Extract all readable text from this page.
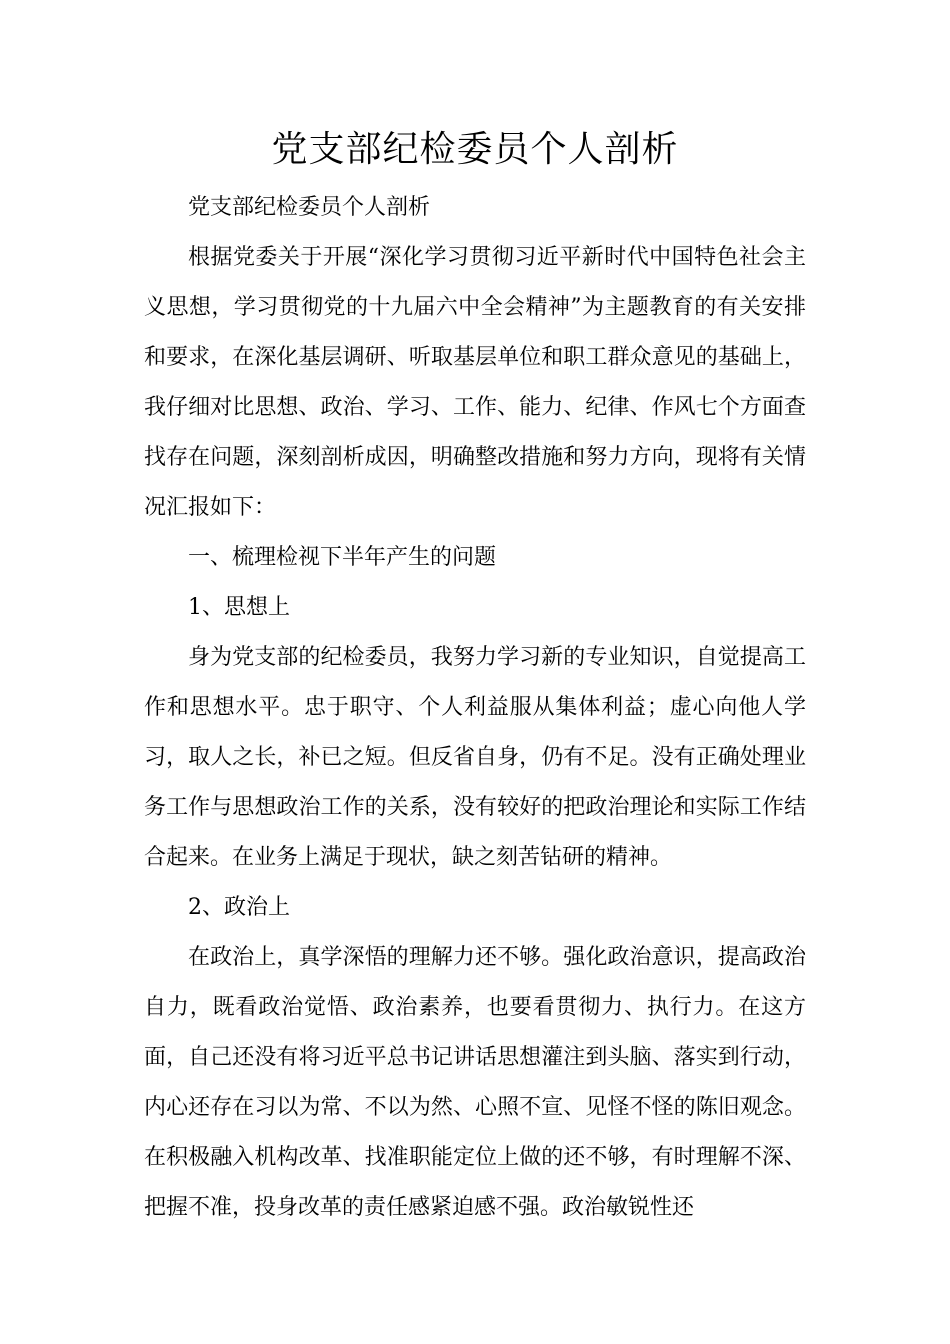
党支部纪检委员个人剖析

党支部纪检委员个人剖析

根据党委关于开展“深化学习贯彻习近平新时代中国特色社会主义思想，学习贯彻党的十九届六中全会精神”为主题教育的有关安排和要求，在深化基层调研、听取基层单位和职工群众意见的基础上，我仔细对比思想、政治、学习、工作、能力、纪律、作风七个方面查找存在问题，深刻剖析成因，明确整改措施和努力方向，现将有关情况汇报如下：

一、梳理检视下半年产生的问题

1、思想上

身为党支部的纪检委员，我努力学习新的专业知识，自觉提高工作和思想水平。忠于职守、个人利益服从集体利益；虚心向他人学习，取人之长，补已之短。但反省自身，仍有不足。没有正确处理业务工作与思想政治工作的关系，没有较好的把政治理论和实际工作结合起来。在业务上满足于现状，缺之刻苦钻研的精神。

2、政治上

在政治上，真学深悟的理解力还不够。强化政治意识，提高政治自力，既看政治觉悟、政治素养，也要看贯彻力、执行力。在这方面，自己还没有将习近平总书记讲话思想灌注到头脑、落实到行动，内心还存在习以为常、不以为然、心照不宣、见怪不怪的陈旧观念。在积极融入机构改革、找准职能定位上做的还不够，有时理解不深、把握不准，投身改革的责任感紧迫感不强。政治敏锐性还
